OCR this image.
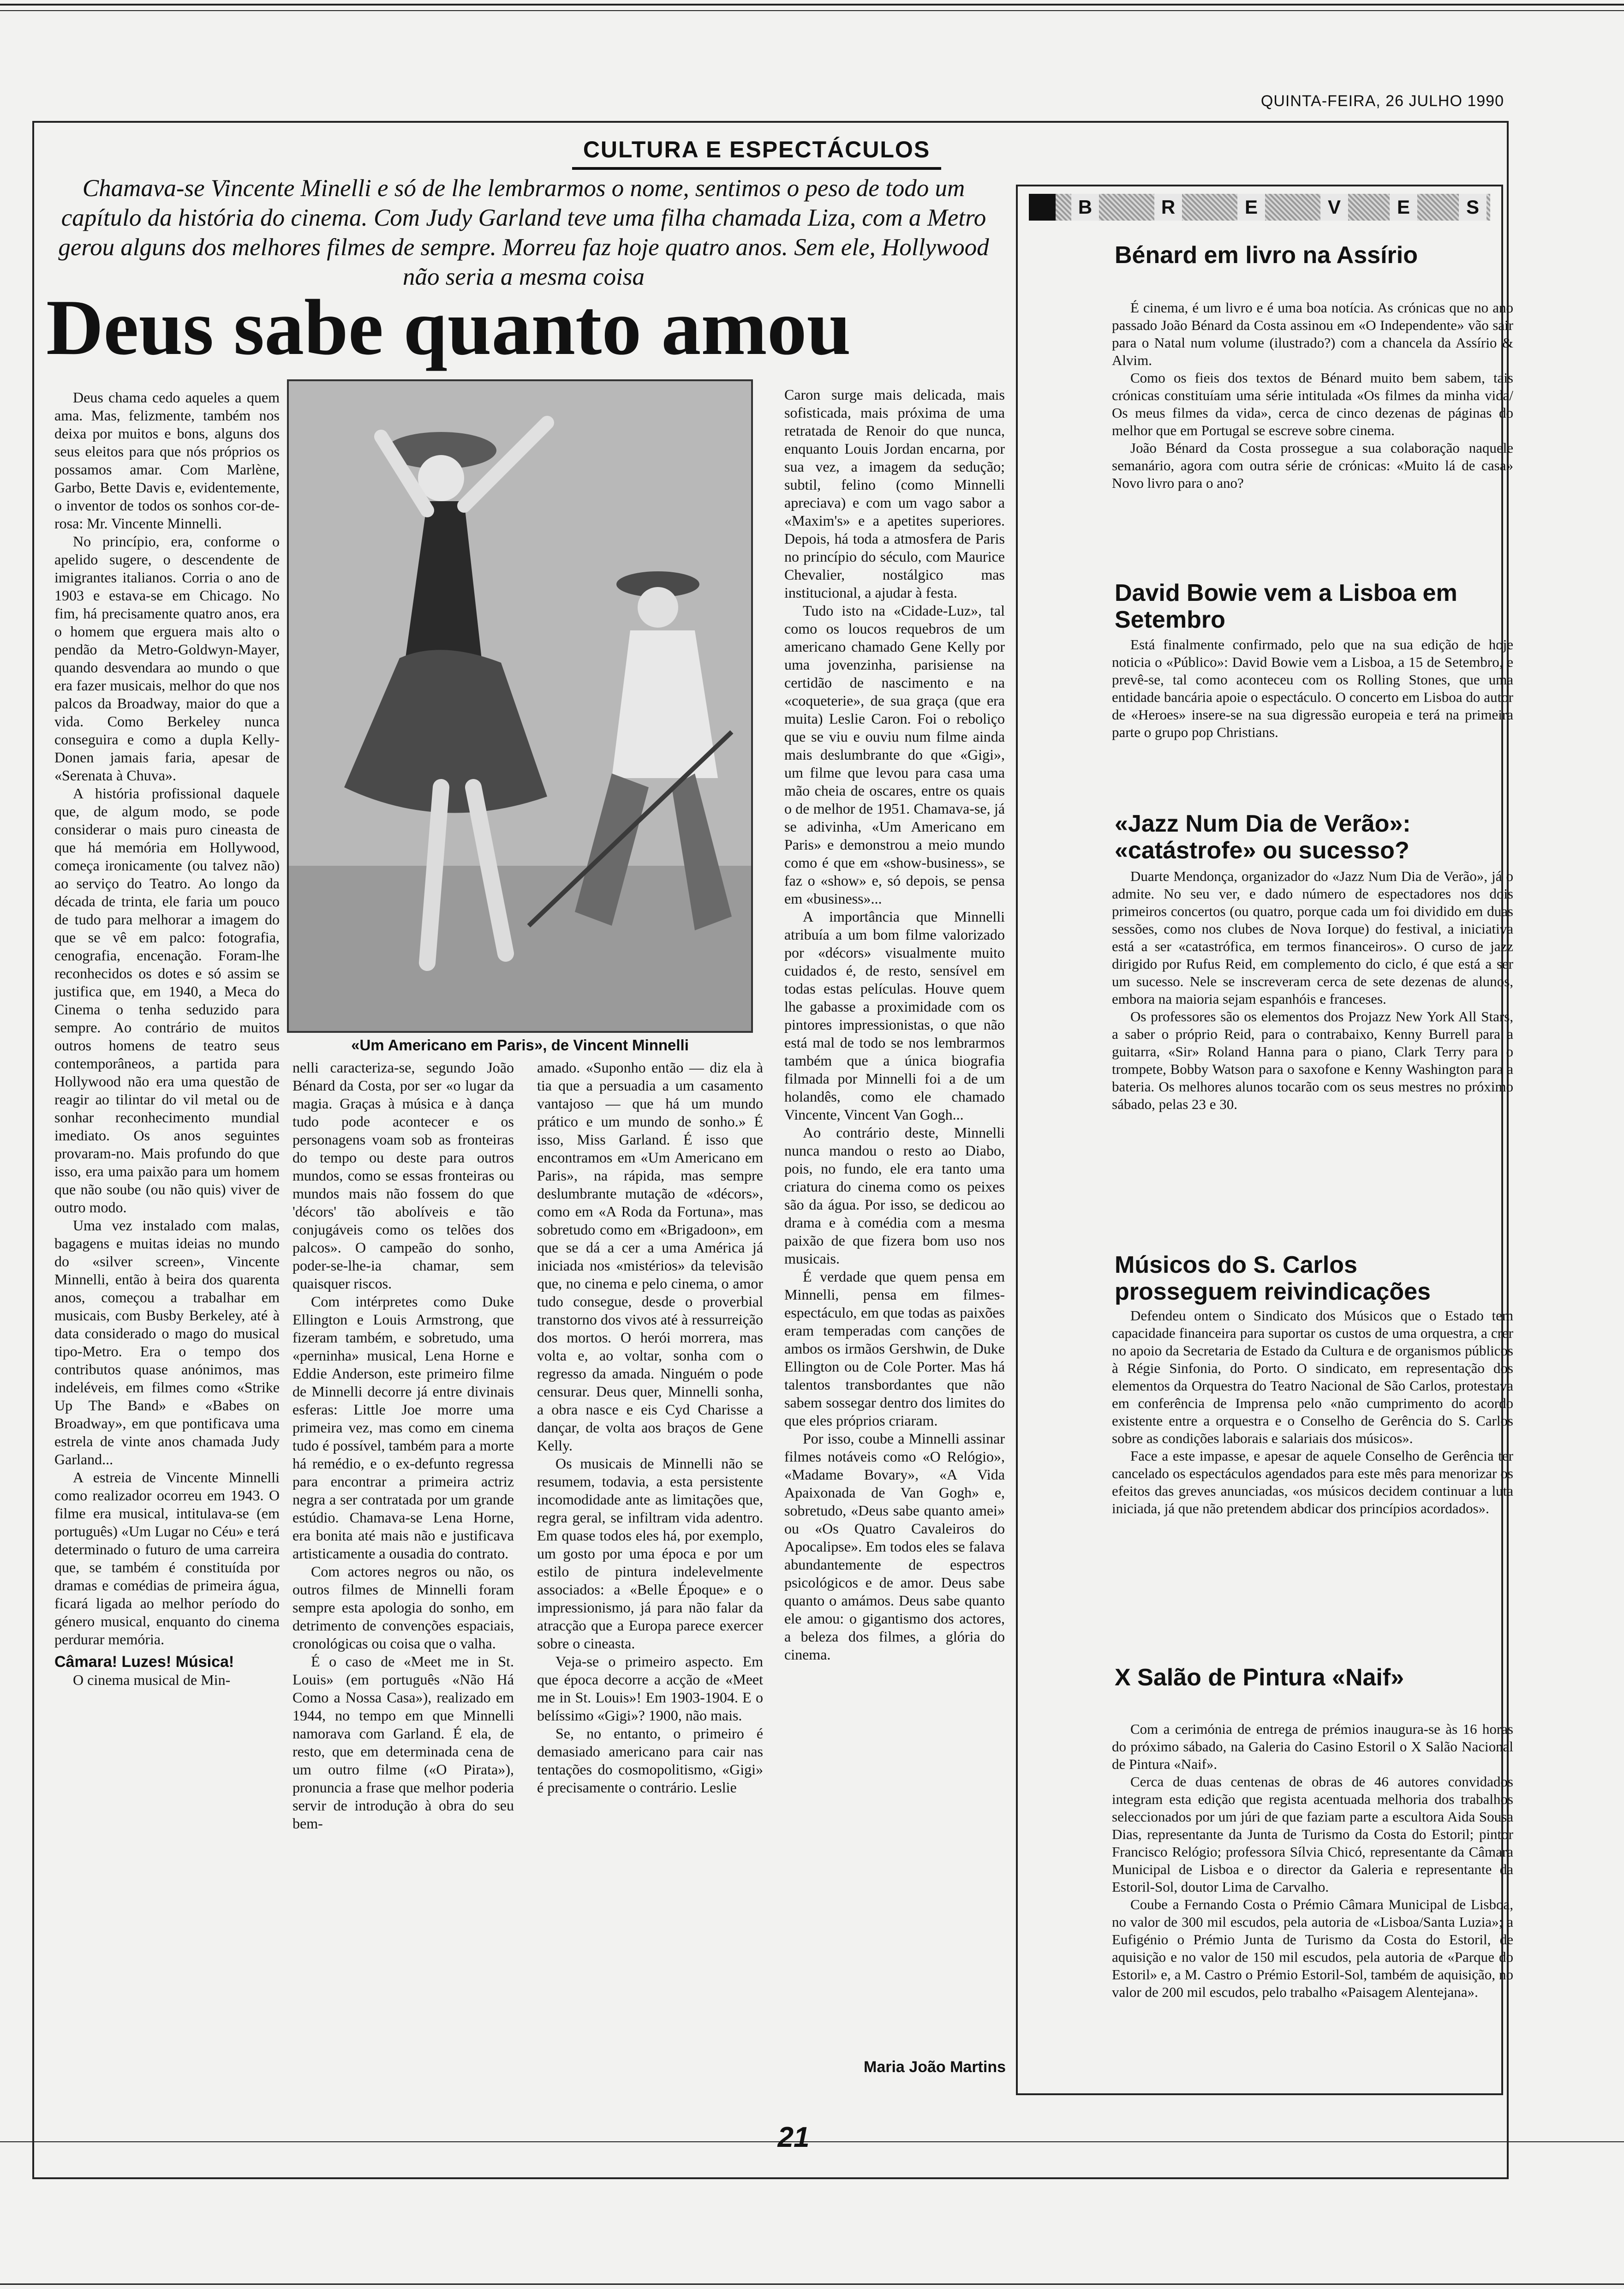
QUINTA-FEIRA, 26 JULHO 1990
CULTURA E ESPECTÁCULOS
Chamava-se Vincente Minelli e só de lhe lembrarmos o nome, sentimos o peso de todo um capítulo da história do cinema. Com Judy Garland teve uma filha chamada Liza, com a Metro gerou alguns dos melhores filmes de sempre. Morreu faz hoje quatro anos. Sem ele, Hollywood não seria a mesma coisa
Deus sabe quanto amou

Deus chama cedo aqueles a quem ama. Mas, felizmente, também nos deixa por muitos e bons, alguns dos seus eleitos para que nós próprios os possamos amar. Com Marlène, Garbo, Bette Davis e, evidentemente, o inventor de todos os sonhos cor-de-rosa: Mr. Vincente Minnelli.

No princípio, era, conforme o apelido sugere, o descendente de imigrantes italianos. Corria o ano de 1903 e estava-se em Chicago. No fim, há precisamente quatro anos, era o homem que erguera mais alto o pendão da Metro-Goldwyn-Mayer, quando desvendara ao mundo o que era fazer musicais, melhor do que nos palcos da Broadway, maior do que a vida. Como Berkeley nunca conseguira e como a dupla Kelly-Donen jamais faria, apesar de «Serenata à Chuva».

A história profissional daquele que, de algum modo, se pode considerar o mais puro cineasta de que há memória em Hollywood, começa ironicamente (ou talvez não) ao serviço do Teatro. Ao longo da década de trinta, ele faria um pouco de tudo para melhorar a imagem do que se vê em palco: fotografia, cenografia, encenação. Foram-lhe reconhecidos os dotes e só assim se justifica que, em 1940, a Meca do Cinema o tenha seduzido para sempre. Ao contrário de muitos outros homens de teatro seus contemporâneos, a partida para Hollywood não era uma questão de reagir ao tilintar do vil metal ou de sonhar reconhecimento mundial imediato. Os anos seguintes provaram-no. Mais profundo do que isso, era uma paixão para um homem que não soube (ou não quis) viver de outro modo.

Uma vez instalado com malas, bagagens e muitas ideias no mundo do «silver screen», Vincente Minnelli, então à beira dos quarenta anos, começou a trabalhar em musicais, com Busby Berkeley, até à data considerado o mago do musical tipo-Metro. Era o tempo dos contributos quase anónimos, mas indeléveis, em filmes como «Strike Up The Band» e «Babes on Broadway», em que pontificava uma estrela de vinte anos chamada Judy Garland...

A estreia de Vincente Minnelli como realizador ocorreu em 1943. O filme era musical, intitulava-se (em português) «Um Lugar no Céu» e terá determinado o futuro de uma carreira que, se também é constituída por dramas e comédias de primeira água, ficará ligada ao melhor período do género musical, enquanto do cinema perdurar memória.

Câmara! Luzes! Música!

O cinema musical de Min-

«Um Americano em Paris», de Vincent Minnelli

nelli caracteriza-se, segundo João Bénard da Costa, por ser «o lugar da magia. Graças à música e à dança tudo pode acontecer e os personagens voam sob as fronteiras do tempo ou deste para outros mundos, como se essas fronteiras ou mundos mais não fossem do que 'décors' tão abolíveis e tão conjugáveis como os telões dos palcos». O campeão do sonho, poder-se-lhe-ia chamar, sem quaisquer riscos.

Com intérpretes como Duke Ellington e Louis Armstrong, que fizeram também, e sobretudo, uma «perninha» musical, Lena Horne e Eddie Anderson, este primeiro filme de Minnelli decorre já entre divinais esferas: Little Joe morre uma primeira vez, mas como em cinema tudo é possível, também para a morte há remédio, e o ex-defunto regressa para encontrar a primeira actriz negra a ser contratada por um grande estúdio. Chamava-se Lena Horne, era bonita até mais não e justificava artisticamente a ousadia do contrato.

Com actores negros ou não, os outros filmes de Minnelli foram sempre esta apologia do sonho, em detrimento de convenções espaciais, cronológicas ou coisa que o valha.

É o caso de «Meet me in St. Louis» (em português «Não Há Como a Nossa Casa»), realizado em 1944, no tempo em que Minnelli namorava com Garland. É ela, de resto, que em determinada cena de um outro filme («O Pirata»), pronuncia a frase que melhor poderia servir de introdução à obra do seu bem-

amado. «Suponho então — diz ela à tia que a persuadia a um casamento vantajoso — que há um mundo prático e um mundo de sonho.» É isso, Miss Garland. É isso que encontramos em «Um Americano em Paris», na rápida, mas sempre deslumbrante mutação de «décors», como em «A Roda da Fortuna», mas sobretudo como em «Brigadoon», em que se dá a cer a uma América já iniciada nos «mistérios» da televisão que, no cinema e pelo cinema, o amor tudo consegue, desde o proverbial transtorno dos vivos até à ressurreição dos mortos. O herói morrera, mas volta e, ao voltar, sonha com o regresso da amada. Ninguém o pode censurar. Deus quer, Minnelli sonha, a obra nasce e eis Cyd Charisse a dançar, de volta aos braços de Gene Kelly.

Os musicais de Minnelli não se resumem, todavia, a esta persistente incomodidade ante as limitações que, regra geral, se infiltram vida adentro. Em quase todos eles há, por exemplo, um gosto por uma época e por um estilo de pintura indelevelmente associados: a «Belle Époque» e o impressionismo, já para não falar da atracção que a Europa parece exercer sobre o cineasta.

Veja-se o primeiro aspecto. Em que época decorre a acção de «Meet me in St. Louis»! Em 1903-1904. E o belíssimo «Gigi»? 1900, não mais.

Se, no entanto, o primeiro é demasiado americano para cair nas tentações do cosmopolitismo, «Gigi» é precisamente o contrário. Leslie

Caron surge mais delicada, mais sofisticada, mais próxima de uma retratada de Renoir do que nunca, enquanto Louis Jordan encarna, por sua vez, a imagem da sedução; subtil, felino (como Minnelli apreciava) e com um vago sabor a «Maxim's» e a apetites superiores. Depois, há toda a atmosfera de Paris no princípio do século, com Maurice Chevalier, nostálgico mas institucional, a ajudar à festa.

Tudo isto na «Cidade-Luz», tal como os loucos requebros de um americano chamado Gene Kelly por uma jovenzinha, parisiense na certidão de nascimento e na «coqueterie», de sua graça (que era muita) Leslie Caron. Foi o reboliço que se viu e ouviu num filme ainda mais deslumbrante do que «Gigi», um filme que levou para casa uma mão cheia de oscares, entre os quais o de melhor de 1951. Chamava-se, já se adivinha, «Um Americano em Paris» e demonstrou a meio mundo como é que em «show-business», se faz o «show» e, só depois, se pensa em «business»...

A importância que Minnelli atribuía a um bom filme valorizado por «décors» visualmente muito cuidados é, de resto, sensível em todas estas películas. Houve quem lhe gabasse a proximidade com os pintores impressionistas, o que não está mal de todo se nos lembrarmos também que a única biografia filmada por Minnelli foi a de um holandês, como ele chamado Vincente, Vincent Van Gogh...

Ao contrário deste, Minnelli nunca mandou o resto ao Diabo, pois, no fundo, ele era tanto uma criatura do cinema como os peixes são da água. Por isso, se dedicou ao drama e à comédia com a mesma paixão de que fizera bom uso nos musicais.

É verdade que quem pensa em Minnelli, pensa em filmes-espectáculo, em que todas as paixões eram temperadas com canções de ambos os irmãos Gershwin, de Duke Ellington ou de Cole Porter. Mas há talentos transbordantes que não sabem sossegar dentro dos limites do que eles próprios criaram.

Por isso, coube a Minnelli assinar filmes notáveis como «O Relógio», «Madame Bovary», «A Vida Apaixonada de Van Gogh» e, sobretudo, «Deus sabe quanto amei» ou «Os Quatro Cavaleiros do Apocalipse». Em todos eles se falava abundantemente de espectros psicológicos e de amor. Deus sabe quanto o amámos. Deus sabe quanto ele amou: o gigantismo dos actores, a beleza dos filmes, a glória do cinema.

Maria João Martins
B	R	E	V	E	S
Bénard em livro na Assírio

É cinema, é um livro e é uma boa notícia. As crónicas que no ano passado João Bénard da Costa assinou em «O Independente» vão sair para o Natal num volume (ilustrado?) com a chancela da Assírio & Alvim.

Como os fieis dos textos de Bénard muito bem sabem, tais crónicas constituíam uma série intitulada «Os filmes da minha vida/ Os meus filmes da vida», cerca de cinco dezenas de páginas do melhor que em Portugal se escreve sobre cinema.

João Bénard da Costa prossegue a sua colaboração naquele semanário, agora com outra série de crónicas: «Muito lá de casa» Novo livro para o ano?

David Bowie vem a Lisboa em Setembro

Está finalmente confirmado, pelo que na sua edição de hoje noticia o «Público»: David Bowie vem a Lisboa, a 15 de Setembro, e prevê-se, tal como aconteceu com os Rolling Stones, que uma entidade bancária apoie o espectáculo. O concerto em Lisboa do autor de «Heroes» insere-se na sua digressão europeia e terá na primeira parte o grupo pop Christians.

«Jazz Num Dia de Verão»: «catástrofe» ou sucesso?

Duarte Mendonça, organizador do «Jazz Num Dia de Verão», já o admite. No seu ver, e dado número de espectadores nos dois primeiros concertos (ou quatro, porque cada um foi dividido em duas sessões, como nos clubes de Nova Iorque) do festival, a iniciativa está a ser «catastrófica, em termos financeiros». O curso de jazz dirigido por Rufus Reid, em complemento do ciclo, é que está a ser um sucesso. Nele se inscreveram cerca de sete dezenas de alunos, embora na maioria sejam espanhóis e franceses.

Os professores são os elementos dos Projazz New York All Stars, a saber o próprio Reid, para o contrabaixo, Kenny Burrell para a guitarra, «Sir» Roland Hanna para o piano, Clark Terry para o trompete, Bobby Watson para o saxofone e Kenny Washington para a bateria. Os melhores alunos tocarão com os seus mestres no próximo sábado, pelas 23 e 30.

Músicos do S. Carlos prosseguem reivindicações

Defendeu ontem o Sindicato dos Músicos que o Estado tem capacidade financeira para suportar os custos de uma orquestra, a crer no apoio da Secretaria de Estado da Cultura e de organismos públicos à Régie Sinfonia, do Porto. O sindicato, em representação dos elementos da Orquestra do Teatro Nacional de São Carlos, protestava em conferência de Imprensa pelo «não cumprimento do acordo existente entre a orquestra e o Conselho de Gerência do S. Carlos sobre as condições laborais e salariais dos músicos».

Face a este impasse, e apesar de aquele Conselho de Gerência ter cancelado os espectáculos agendados para este mês para menorizar os efeitos das greves anunciadas, «os músicos decidem continuar a luta iniciada, já que não pretendem abdicar dos princípios acordados».

X Salão de Pintura «Naif»

Com a cerimónia de entrega de prémios inaugura-se às 16 horas do próximo sábado, na Galeria do Casino Estoril o X Salão Nacional de Pintura «Naif».

Cerca de duas centenas de obras de 46 autores convidados integram esta edição que regista acentuada melhoria dos trabalhos seleccionados por um júri de que faziam parte a escultora Aida Sousa Dias, representante da Junta de Turismo da Costa do Estoril; pintor Francisco Relógio; professora Sílvia Chicó, representante da Câmara Municipal de Lisboa e o director da Galeria e representante da Estoril-Sol, doutor Lima de Carvalho.

Coube a Fernando Costa o Prémio Câmara Municipal de Lisboa, no valor de 300 mil escudos, pela autoria de «Lisboa/Santa Luzia»; a Eufigénio o Prémio Junta de Turismo da Costa do Estoril, de aquisição e no valor de 150 mil escudos, pela autoria de «Parque do Estoril» e, a M. Castro o Prémio Estoril-Sol, também de aquisição, no valor de 200 mil escudos, pelo trabalho «Paisagem Alentejana».

21
